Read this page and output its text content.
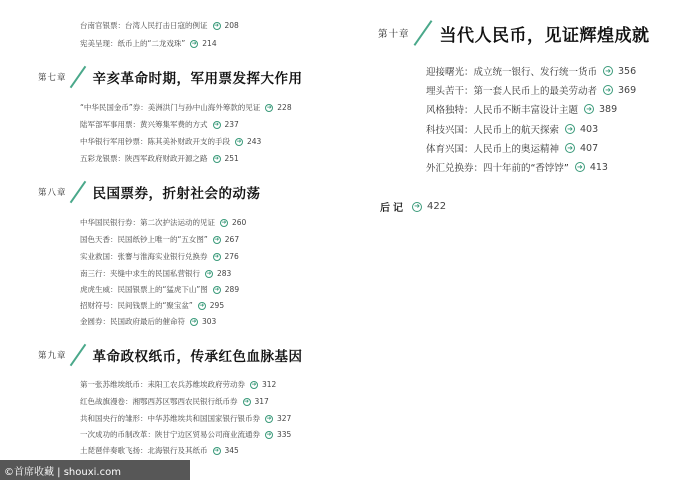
台南官银票：台湾人民打击日寇的例证 ➜ 208
宪美呈现：纸币上的“二龙戏珠” ➜ 214
第七章 辛亥革命时期，军用票发挥大作用
“中华民国金币”券：美洲洪门与孙中山海外筹款的见证 ➜ 228
陆军部军事用票：黄兴筹集军费的方式 ➜ 237
中华银行军用钞票：陈其美补财政开支的手段 ➜ 243
五彩龙银票：陕西军政府财政开源之路 ➜ 251
第八章 民国票券，折射社会的动荡
中华国民银行券：第二次护法运动的见证 ➜ 260
国色天香：民国纸钞上唯一的“五女图” ➜ 267
实业救国：张謇与淮海实业银行兑换券 ➜ 276
南三行：夹缝中求生的民国私营银行 ➜ 283
虎虎生威：民国银票上的“猛虎下山”图 ➜ 289
招财符号：民间钱票上的“聚宝盆” ➜ 295
金圆券：民国政府最后的催命符 ➜ 303
第九章 革命政权纸币，传承红色血脉基因
第一张苏维埃纸币：耒阳工农兵苏维埃政府劳动券 ➜ 312
红色战旗漫卷：湘鄂西苏区鄂西农民银行纸币券 ➜ 317
共和国央行的雏形：中华苏维埃共和国国家银行银币券 ➜ 327
一次成功的币制改革：陕甘宁边区贸易公司商业流通券 ➜ 335
土琵琶伴奏歌飞扬：北海银行及其纸币 ➜ 345
第十章 当代人民币，见证辉煌成就
迎接曙光：成立统一银行、发行统一货币 ➜ 356
埋头苦干：第一套人民币上的最美劳动者 ➜ 369
风格独特：人民币不断丰富设计主题 ➜ 389
科技兴国：人民币上的航天探索 ➜ 403
体育兴国：人民币上的奥运精神 ➜ 407
外汇兑换券：四十年前的“香饽饽” ➜ 413
后记 ➜ 422
©首席收藏 | shouxi.com
